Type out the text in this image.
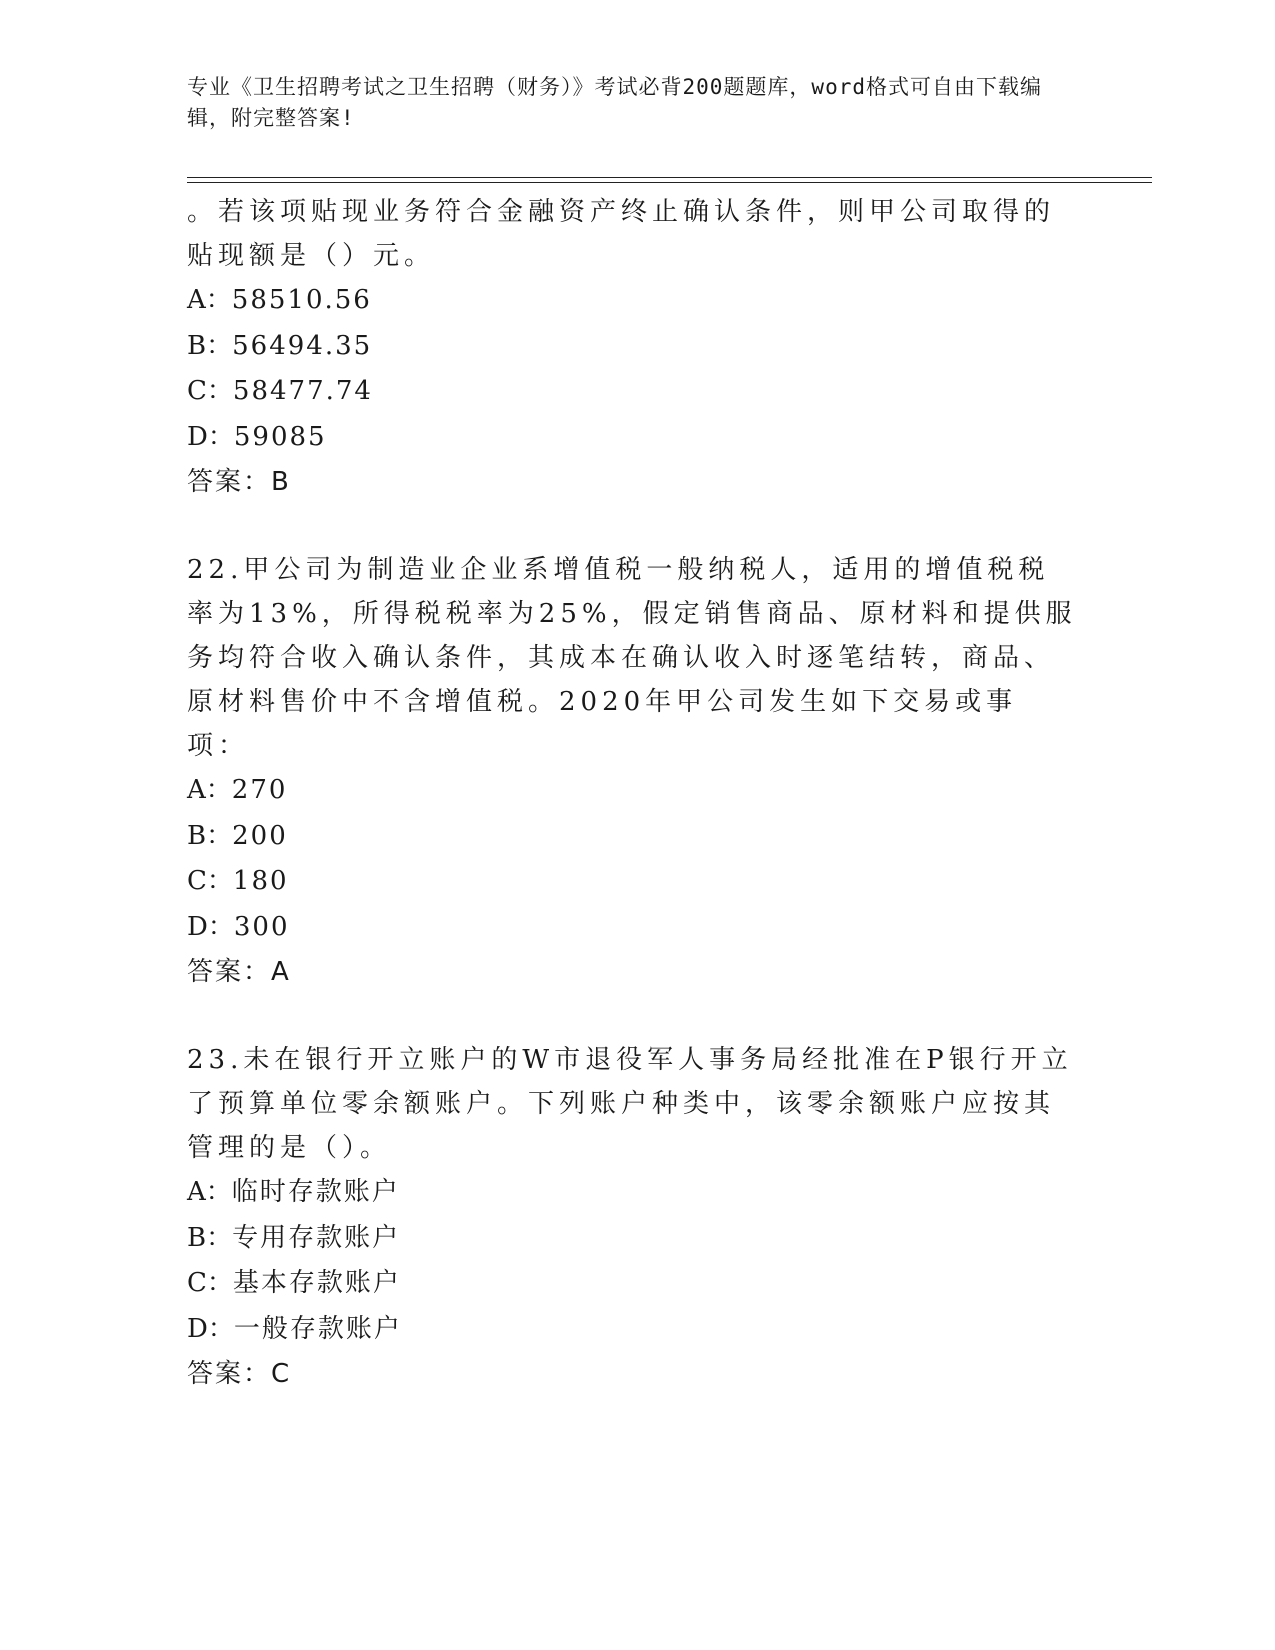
专业《卫生招聘考试之卫生招聘（财务）》考试必背200题题库，word格式可自由下载编辑，附完整答案!

。若该项贴现业务符合金融资产终止确认条件，则甲公司取得的贴现额是（）元。

A：58510.56

B：56494.35

C：58477.74

D：59085

答案：B

22.甲公司为制造业企业系增值税一般纳税人，适用的增值税税率为13%，所得税税率为25%，假定销售商品、原材料和提供服务均符合收入确认条件，其成本在确认收入时逐笔结转，商品、原材料售价中不含增值税。2020年甲公司发生如下交易或事项：

A：270

B：200

C：180

D：300

答案：A

23.未在银行开立账户的W市退役军人事务局经批准在P银行开立了预算单位零余额账户。下列账户种类中，该零余额账户应按其管理的是（）。

A：临时存款账户

B：专用存款账户

C：基本存款账户

D：一般存款账户

答案：C
